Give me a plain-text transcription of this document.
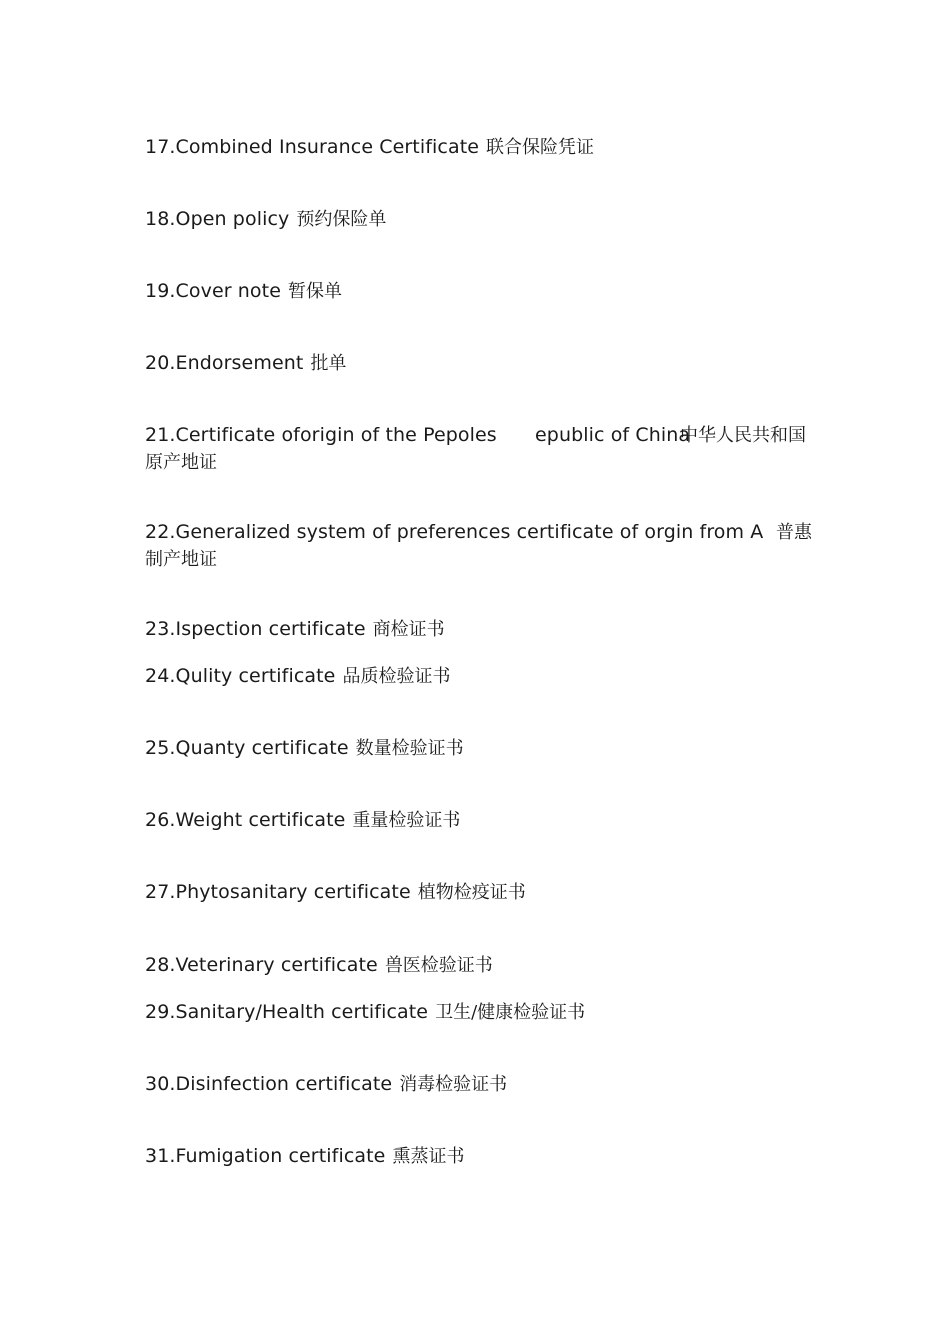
17.Combined Insurance Certificate 联合保险凭证
18.Open policy 预约保险单
19.Cover note 暂保单
20.Endorsement 批单
21.Certificate oforigin of the Pepoles epublic of China
中华人民共和国
原产地证
22.Generalized system of preferences certificate of orgin from A 普惠
制产地证
23.Ispection certificate 商检证书
24.Qulity certificate 品质检验证书
25.Quanty certificate 数量检验证书
26.Weight certificate 重量检验证书
27.Phytosanitary certificate 植物检疫证书
28.Veterinary certificate 兽医检验证书
29.Sanitary/Health certificate 卫生/健康检验证书
30.Disinfection certificate 消毒检验证书
31.Fumigation certificate 熏蒸证书
